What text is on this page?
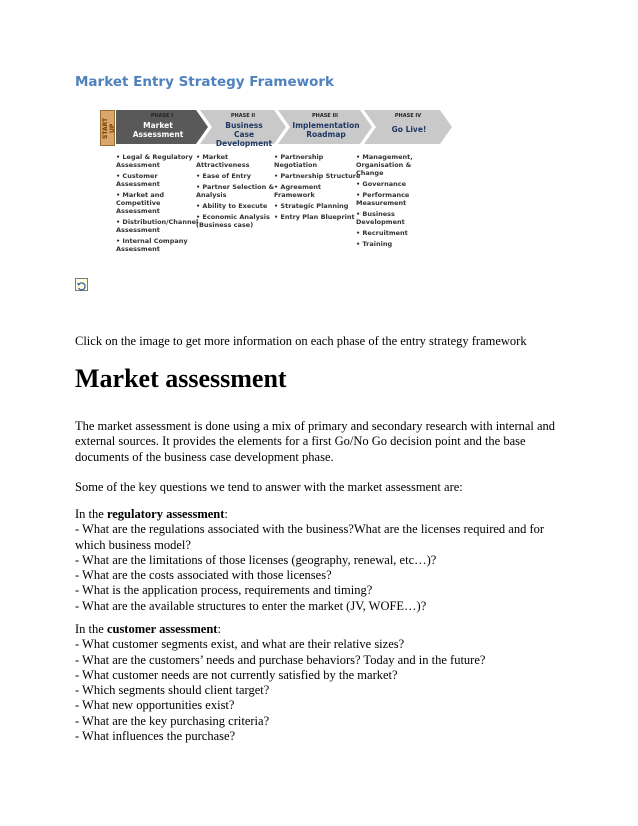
Market Entry Strategy Framework
START UP
PHASE I
Market Assessment
PHASE II
Business Case Development
PHASE III
Implementation Roadmap
PHASE IV
Go Live!
• Legal & Regulatory
Assessment
• Customer
Assessment
• Market and
Competitive
Assessment
• Distribution/Channel
Assessment
• Internal Company
Assessment
• Market
Attractiveness
• Ease of Entry
• Partner Selection &
Analysis
• Ability to Execute
• Economic Analysis
(Business case)
• Partnership
Negotiation
• Partnership Structure
• Agreement
Framework
• Strategic Planning
• Entry Plan Blueprint
• Management,
Organisation &
Change
• Governance
• Performance
Measurement
• Business
Development
• Recruitment
• Training
Click on the image to get more information on each phase of the entry strategy framework
Market assessment
The market assessment is done using a mix of primary and secondary research with internal and
external sources. It provides the elements for a first Go/No Go decision point and the base
documents of the business case development phase.
Some of the key questions we tend to answer with the market assessment are:
In the regulatory assessment:
- What are the regulations associated with the business?What are the licenses required and for
which business model?
- What are the limitations of those licenses (geography, renewal, etc…)?
- What are the costs associated with those licenses?
- What is the application process, requirements and timing?
- What are the available structures to enter the market (JV, WOFE…)?
In the customer assessment:
- What customer segments exist, and what are their relative sizes?
- What are the customers’ needs and purchase behaviors? Today and in the future?
- What customer needs are not currently satisfied by the market?
- Which segments should client target?
- What new opportunities exist?
- What are the key purchasing criteria?
- What influences the purchase?
